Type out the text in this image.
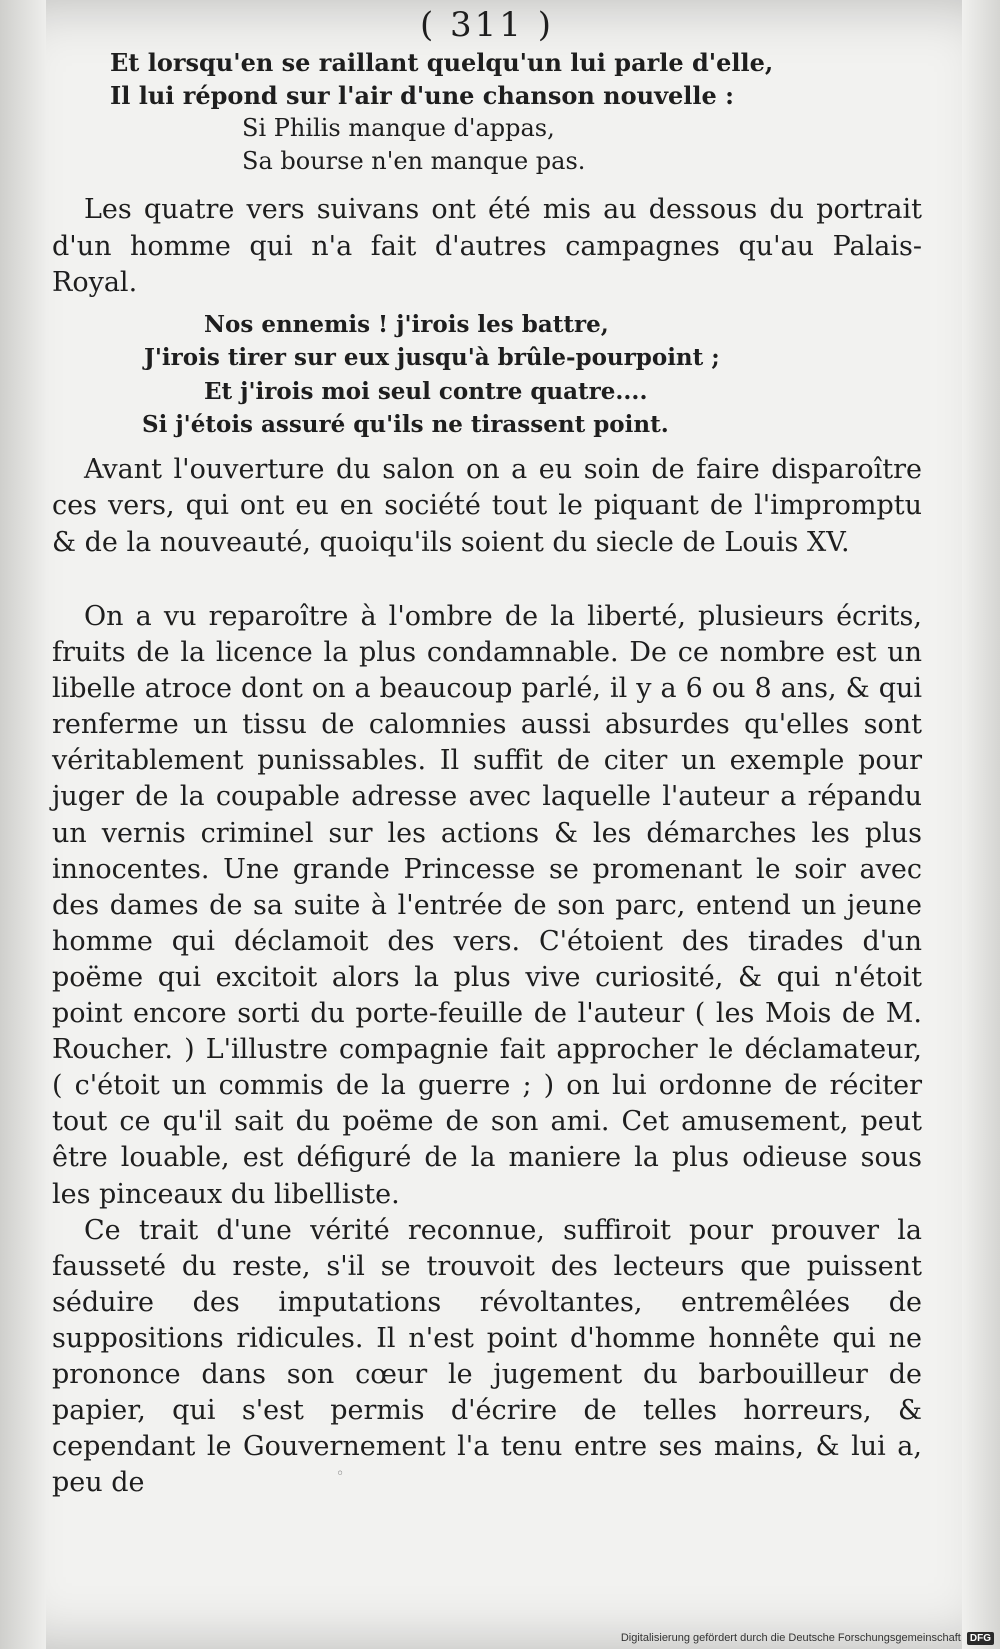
( 311 )
Et lorsqu'en se raillant quelqu'un lui parle d'elle,
Il lui répond sur l'air d'une chanson nouvelle :
Si Philis manque d'appas,
Sa bourse n'en manque pas.

Les quatre vers suivans ont été mis au dessous du portrait d'un homme qui n'a fait d'autres campagnes qu'au Palais-Royal.

Nos ennemis ! j'irois les battre,
J'irois tirer sur eux jusqu'à brûle-pourpoint ;
Et j'irois moi seul contre quatre....
Si j'étois assuré qu'ils ne tirassent point.

Avant l'ouverture du salon on a eu soin de faire disparoître ces vers, qui ont eu en société tout le piquant de l'impromptu & de la nouveauté, quoiqu'ils soient du siecle de Louis XV.

On a vu reparoître à l'ombre de la liberté, plusieurs écrits, fruits de la licence la plus condamnable. De ce nombre est un libelle atroce dont on a beaucoup parlé, il y a 6 ou 8 ans, & qui renferme un tissu de calomnies aussi absurdes qu'elles sont véritablement punissables. Il suffit de citer un exemple pour juger de la coupable adresse avec laquelle l'auteur a répandu un vernis criminel sur les actions & les démarches les plus innocentes. Une grande Princesse se promenant le soir avec des dames de sa suite à l'entrée de son parc, entend un jeune homme qui déclamoit des vers. C'étoient des tirades d'un poëme qui excitoit alors la plus vive curiosité, & qui n'étoit point encore sorti du porte-feuille de l'auteur ( les Mois de M. Roucher. ) L'illustre compagnie fait approcher le déclamateur, ( c'étoit un commis de la guerre ; ) on lui ordonne de réciter tout ce qu'il sait du poëme de son ami. Cet amusement, peut être louable, est défiguré de la maniere la plus odieuse sous les pinceaux du libelliste.

Ce trait d'une vérité reconnue, suffiroit pour prouver la fausseté du reste, s'il se trouvoit des lecteurs que puissent séduire des imputations révoltantes, entremêlées de suppositions ridicules. Il n'est point d'homme honnête qui ne prononce dans son cœur le jugement du barbouilleur de papier, qui s'est permis d'écrire de telles horreurs, & cependant le Gouvernement l'a tenu entre ses mains, & lui a, peu de	◦
Digitalisierung gefördert durch die Deutsche Forschungsgemeinschaft DFG
